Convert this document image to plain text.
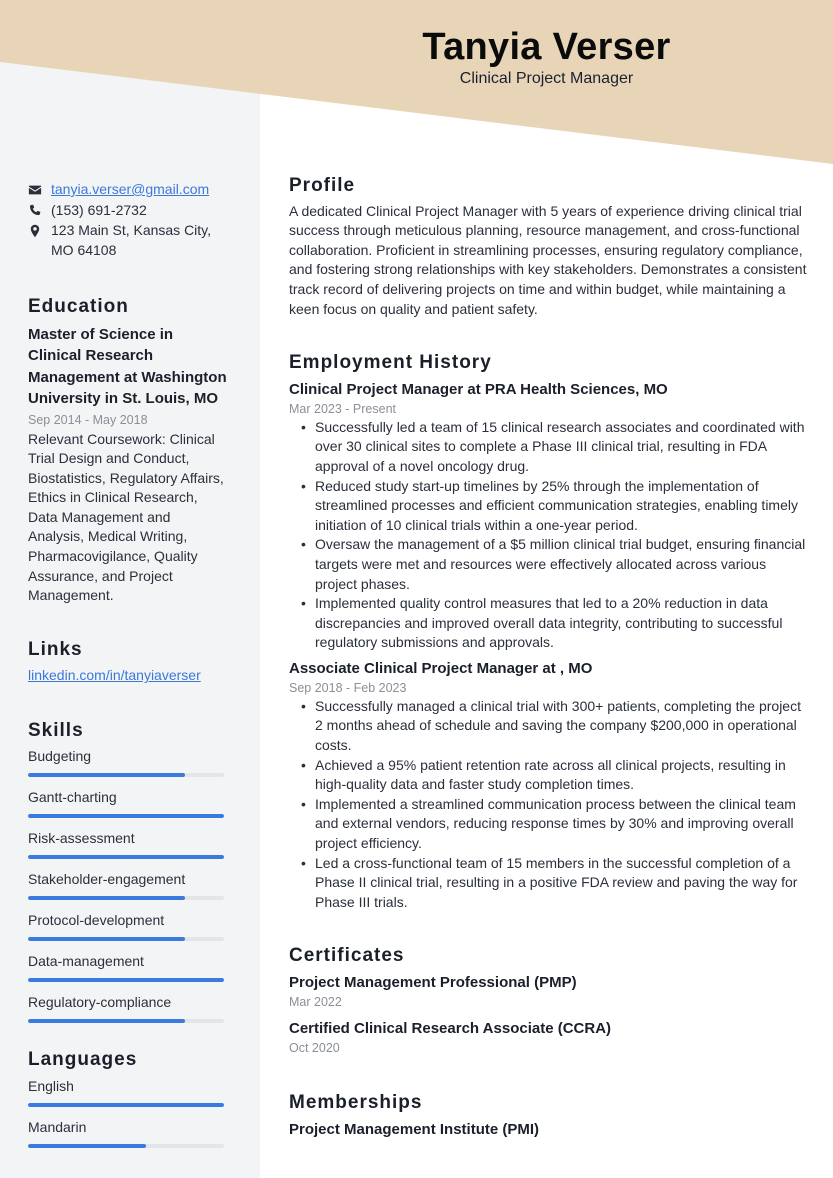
Tanyia Verser
Clinical Project Manager
tanyia.verser@gmail.com
(153) 691-2732
123 Main St, Kansas City, MO 64108
Education
Master of Science in Clinical Research Management at Washington University in St. Louis, MO
Sep 2014 - May 2018
Relevant Coursework: Clinical Trial Design and Conduct, Biostatistics, Regulatory Affairs, Ethics in Clinical Research, Data Management and Analysis, Medical Writing, Pharmacovigilance, Quality Assurance, and Project Management.
Links
linkedin.com/in/tanyiaverser
Skills
Budgeting
Gantt-charting
Risk-assessment
Stakeholder-engagement
Protocol-development
Data-management
Regulatory-compliance
Languages
English
Mandarin
Profile

A dedicated Clinical Project Manager with 5 years of experience driving clinical trial success through meticulous planning, resource management, and cross-functional collaboration. Proficient in streamlining processes, ensuring regulatory compliance, and fostering strong relationships with key stakeholders. Demonstrates a consistent track record of delivering projects on time and within budget, while maintaining a keen focus on quality and patient safety.

Employment History
Clinical Project Manager at PRA Health Sciences, MO
Mar 2023 - Present
• Successfully led a team of 15 clinical research associates and coordinated with over 30 clinical sites to complete a Phase III clinical trial, resulting in FDA approval of a novel oncology drug.
• Reduced study start-up timelines by 25% through the implementation of streamlined processes and efficient communication strategies, enabling timely initiation of 10 clinical trials within a one-year period.
• Oversaw the management of a $5 million clinical trial budget, ensuring financial targets were met and resources were effectively allocated across various project phases.
• Implemented quality control measures that led to a 20% reduction in data discrepancies and improved overall data integrity, contributing to successful regulatory submissions and approvals.
Associate Clinical Project Manager at , MO
Sep 2018 - Feb 2023
• Successfully managed a clinical trial with 300+ patients, completing the project 2 months ahead of schedule and saving the company $200,000 in operational costs.
• Achieved a 95% patient retention rate across all clinical projects, resulting in high-quality data and faster study completion times.
• Implemented a streamlined communication process between the clinical team and external vendors, reducing response times by 30% and improving overall project efficiency.
• Led a cross-functional team of 15 members in the successful completion of a Phase II clinical trial, resulting in a positive FDA review and paving the way for Phase III trials.
Certificates
Project Management Professional (PMP)
Mar 2022
Certified Clinical Research Associate (CCRA)
Oct 2020
Memberships
Project Management Institute (PMI)
